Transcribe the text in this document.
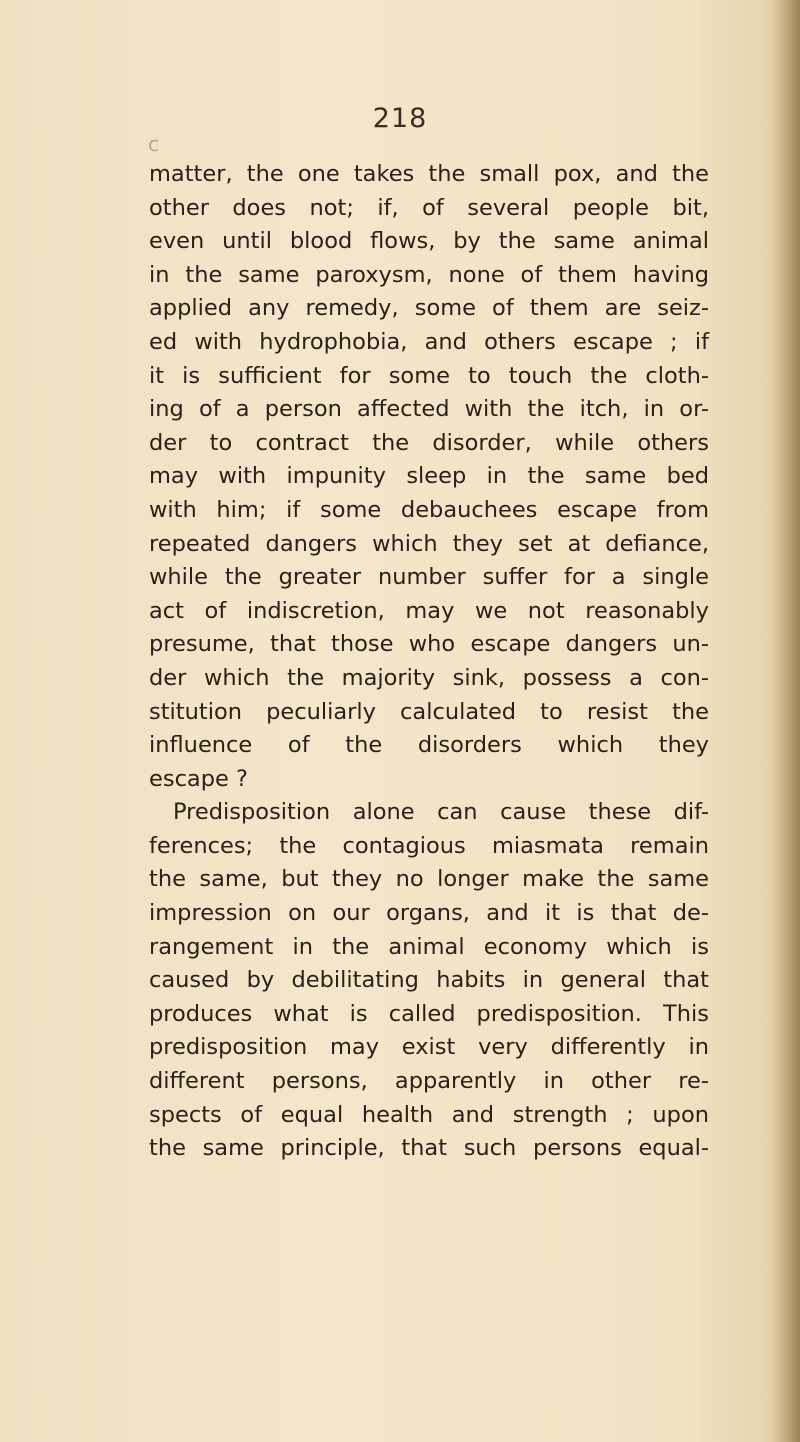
218
c
matter, the one takes the small pox, and the
other does not; if, of several people bit,
even until blood flows, by the same animal
in the same paroxysm, none of them having
applied any remedy, some of them are seiz-
ed with hydrophobia, and others escape ; if
it is sufficient for some to touch the cloth-
ing of a person affected with the itch, in or-
der to contract the disorder, while others
may with impunity sleep in the same bed
with him; if some debauchees escape from
repeated dangers which they set at defiance,
while the greater number suffer for a single
act of indiscretion, may we not reasonably
presume, that those who escape dangers un-
der which the majority sink, possess a con-
stitution peculiarly calculated to resist the
influence of the disorders which they
escape ?
Predisposition alone can cause these dif-
ferences; the contagious miasmata remain
the same, but they no longer make the same
impression on our organs, and it is that de-
rangement in the animal economy which is
caused by debilitating habits in general that
produces what is called predisposition. This
predisposition may exist very differently in
different persons, apparently in other re-
spects of equal health and strength ; upon
the same principle, that such persons equal-
